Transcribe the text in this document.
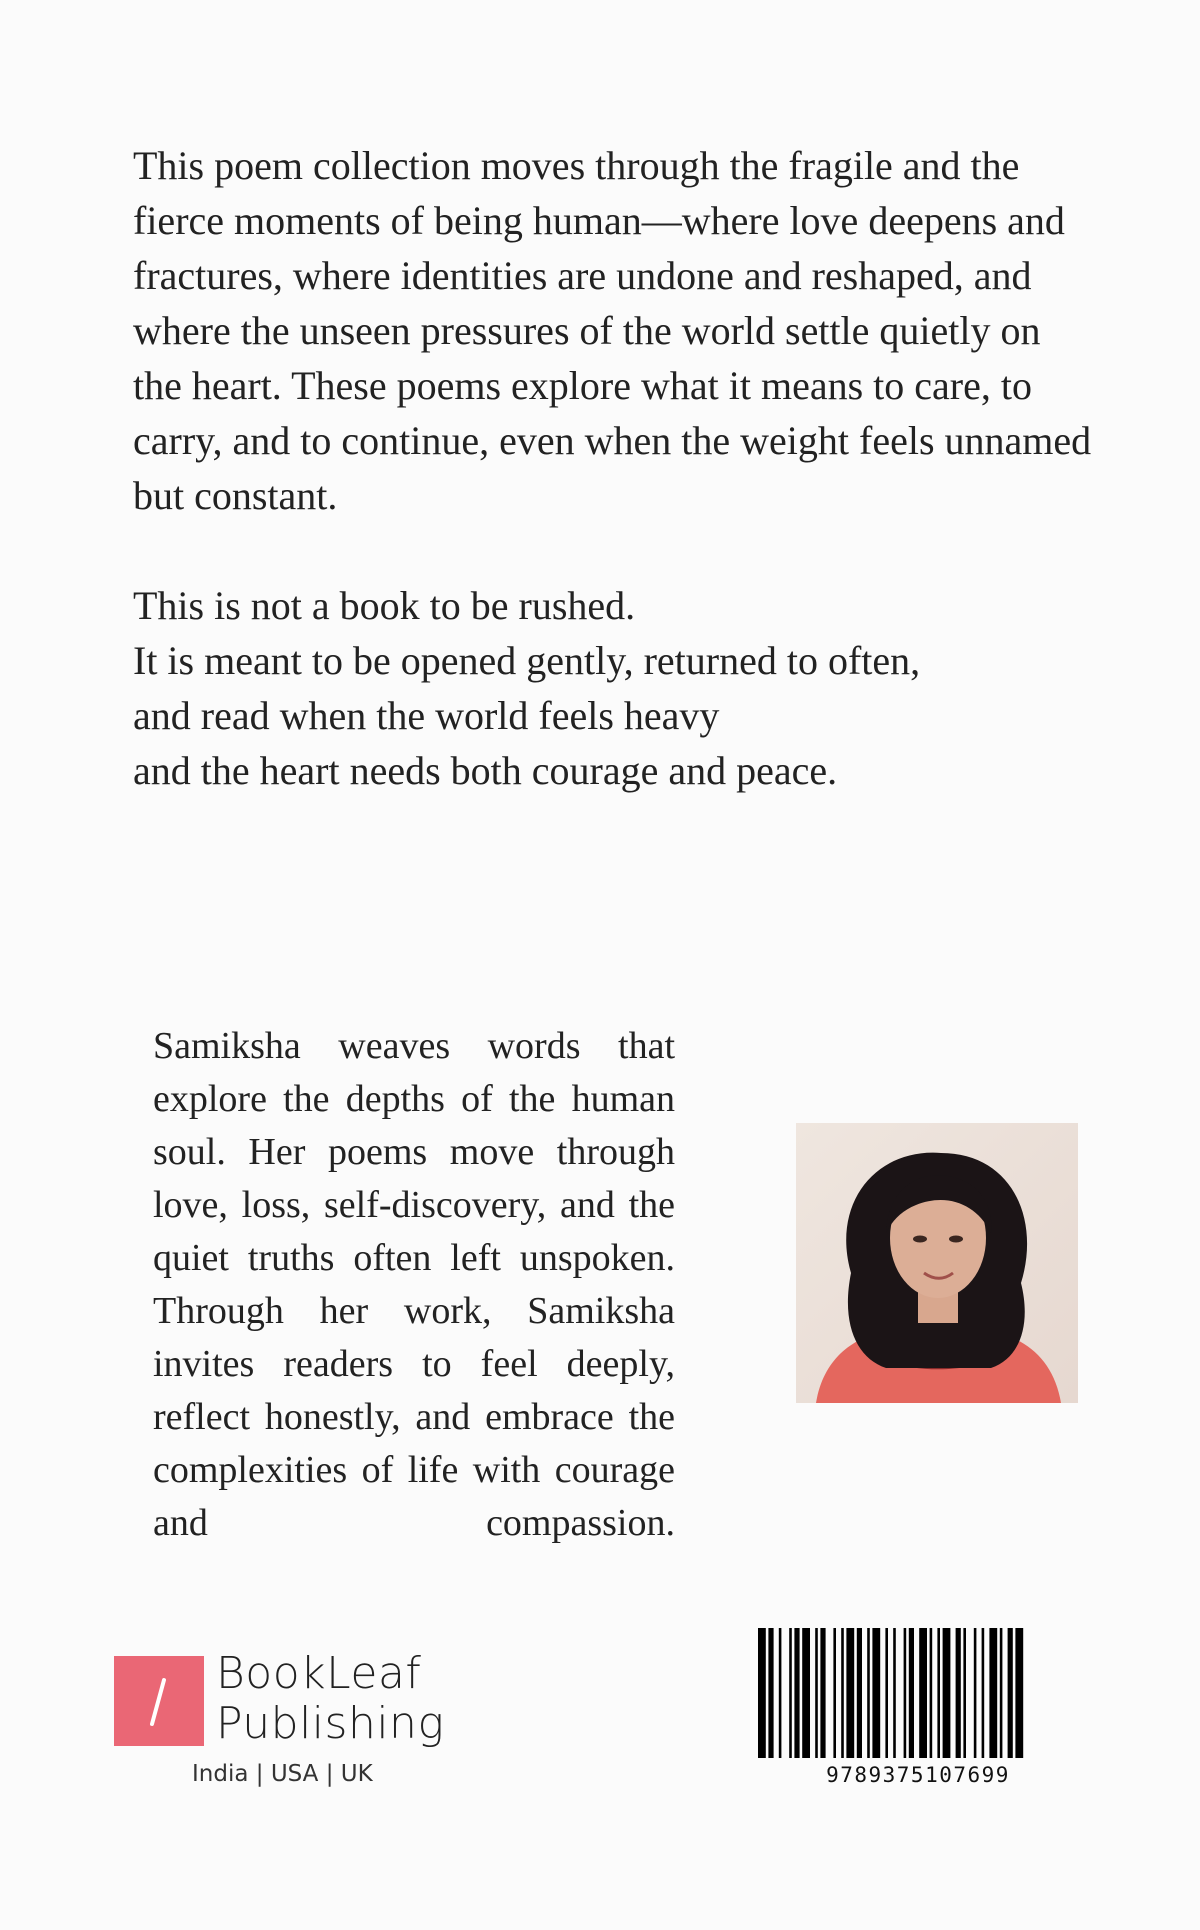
This poem collection moves through the fragile and the fierce moments of being human—where love deepens and fractures, where identities are undone and reshaped, and where the unseen pressures of the world settle quietly on the heart. These poems explore what it means to care, to carry, and to continue, even when the weight feels unnamed but constant.

This is not a book to be rushed.
It is meant to be opened gently, returned to often,
and read when the world feels heavy
and the heart needs both courage and peace.

Samiksha weaves words that explore the depths of the human soul. Her poems move through love, loss, self-discovery, and the quiet truths often left unspoken. Through her work, Samiksha invites readers to feel deeply, reflect honestly, and embrace the complexities of life with courage and compassion.

BookLeaf
Publishing
India | USA | UK	9789375107699
